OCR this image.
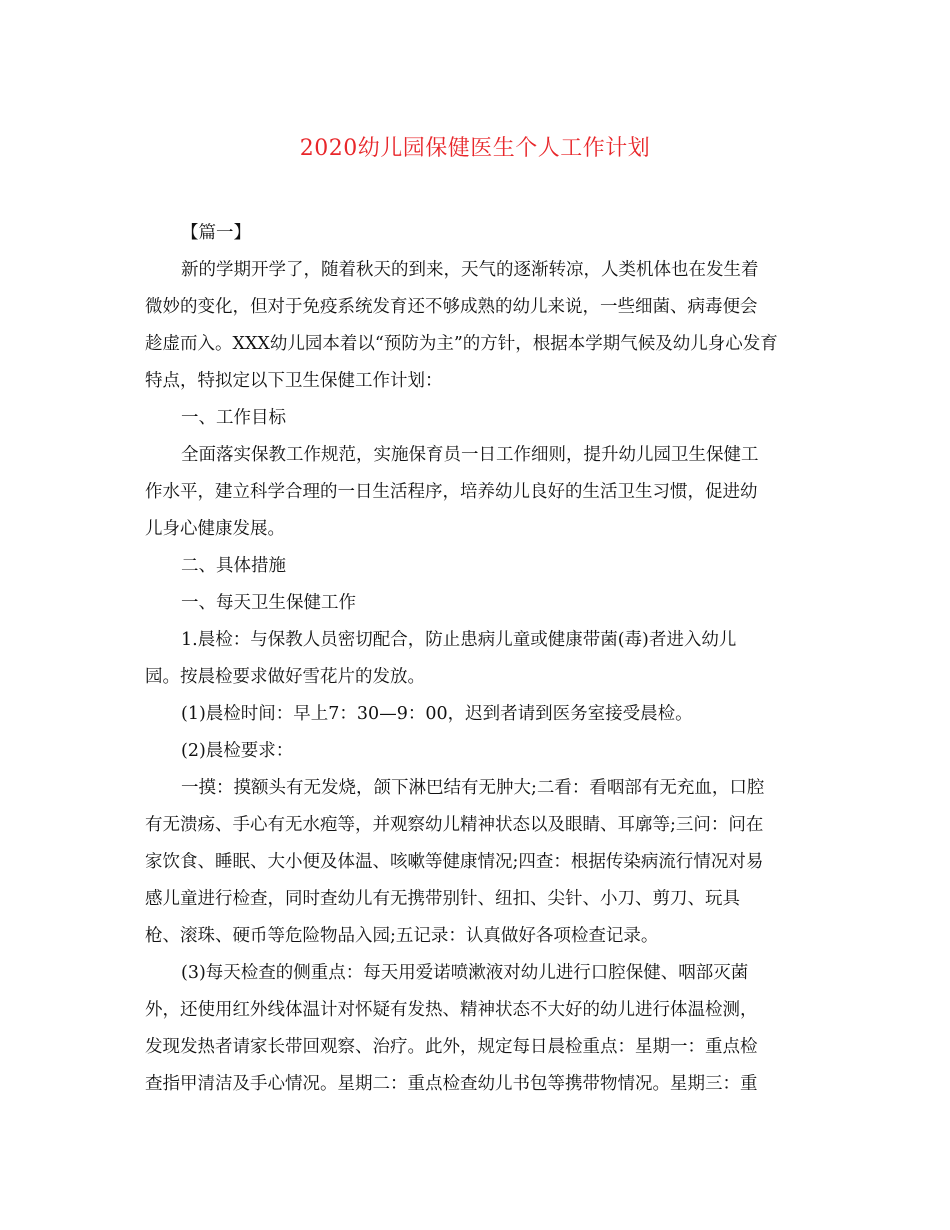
2020幼儿园保健医生个人工作计划
【篇一】
新的学期开学了，随着秋天的到来，天气的逐渐转凉，人类机体也在发生着
微妙的变化，但对于免疫系统发育还不够成熟的幼儿来说，一些细菌、病毒便会
趁虚而入。XXX幼儿园本着以“预防为主”的方针，根据本学期气候及幼儿身心发育
特点，特拟定以下卫生保健工作计划：
一、工作目标
全面落实保教工作规范，实施保育员一日工作细则，提升幼儿园卫生保健工
作水平，建立科学合理的一日生活程序，培养幼儿良好的生活卫生习惯，促进幼
儿身心健康发展。
二、具体措施
一、每天卫生保健工作
1.晨检：与保教人员密切配合，防止患病儿童或健康带菌(毒)者进入幼儿
园。按晨检要求做好雪花片的发放。
(1)晨检时间：早上7：30—9：00，迟到者请到医务室接受晨检。
(2)晨检要求：
一摸：摸额头有无发烧，颌下淋巴结有无肿大;二看：看咽部有无充血，口腔
有无溃疡、手心有无水疱等，并观察幼儿精神状态以及眼睛、耳廓等;三问：问在
家饮食、睡眠、大小便及体温、咳嗽等健康情况;四查：根据传染病流行情况对易
感儿童进行检查，同时查幼儿有无携带别针、纽扣、尖针、小刀、剪刀、玩具
枪、滚珠、硬币等危险物品入园;五记录：认真做好各项检查记录。
(3)每天检查的侧重点：每天用爱诺喷漱液对幼儿进行口腔保健、咽部灭菌
外，还使用红外线体温计对怀疑有发热、精神状态不大好的幼儿进行体温检测，
发现发热者请家长带回观察、治疗。此外，规定每日晨检重点：星期一：重点检
查指甲清洁及手心情况。星期二：重点检查幼儿书包等携带物情况。星期三：重
